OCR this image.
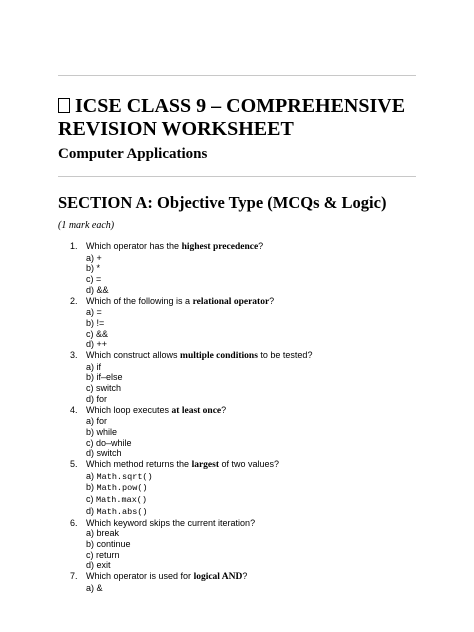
ICSE CLASS 9 – COMPREHENSIVE REVISION WORKSHEET
Computer Applications
SECTION A: Objective Type (MCQs & Logic)

(1 mark each)

1. Which operator has the highest precedence?
a) +
b) *
c) =
d) &&
2. Which of the following is a relational operator?
a) =
b) !=
c) &&
d) ++
3. Which construct allows multiple conditions to be tested?
a) if
b) if–else
c) switch
d) for
4. Which loop executes at least once?
a) for
b) while
c) do–while
d) switch
5. Which method returns the largest of two values?
a) Math.sqrt()
b) Math.pow()
c) Math.max()
d) Math.abs()
6. Which keyword skips the current iteration?
a) break
b) continue
c) return
d) exit
7. Which operator is used for logical AND?
a) &
